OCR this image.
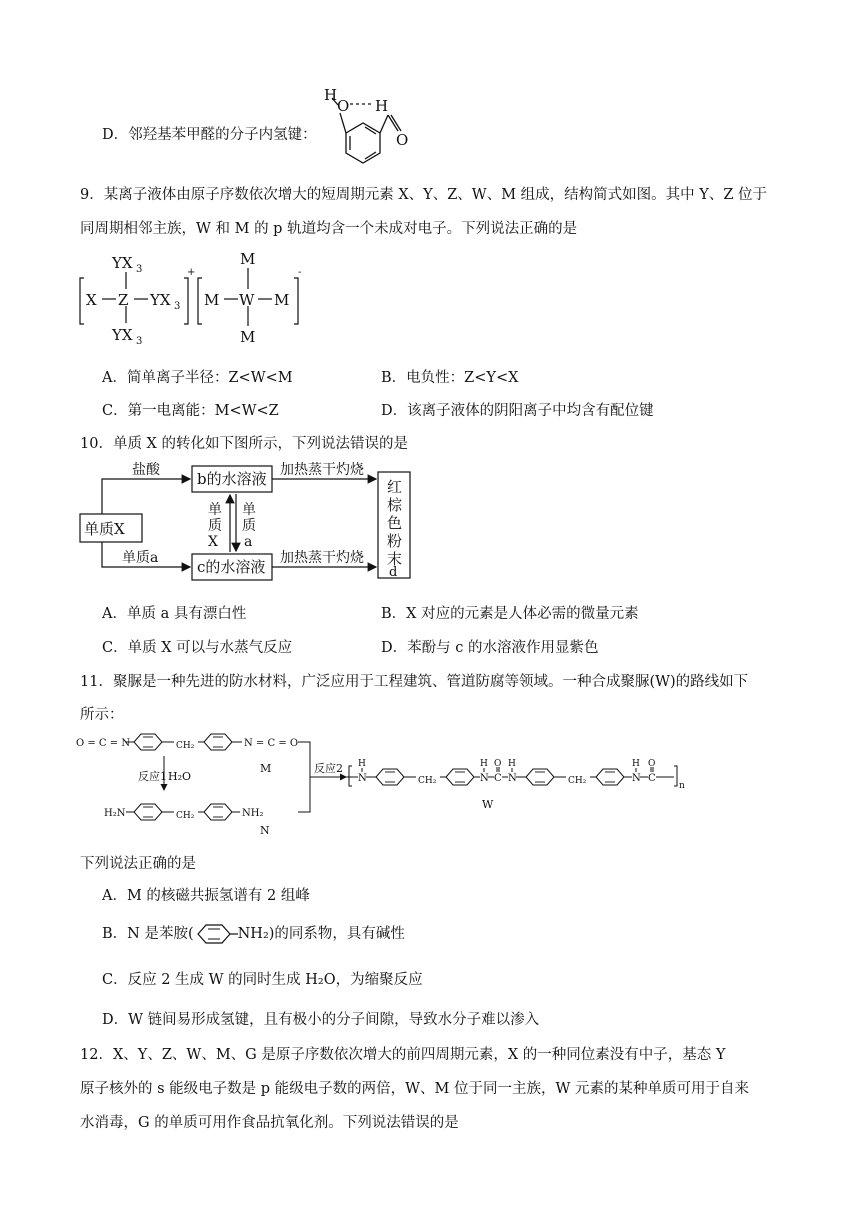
D．邻羟基苯甲醛的分子内氢键：
H
O H
O
9．某离子液体由原子序数依次增大的短周期元素 X、Y、Z、W、M 组成，结构简式如图。其中 Y、Z 位于
同周期相邻主族，W 和 M 的 p 轨道均含一个未成对电子。下列说法正确的是
YX 3
X Z YX 3
YX 3
+
M
M W M
M
-
A．简单离子半径：Z<W<M	B．电负性：Z<Y<X
C．第一电离能：M<W<Z	D．该离子液体的阴阳离子中均含有配位键
10．单质 X 的转化如下图所示，下列说法错误的是
单质X
盐酸
单质a
b的水溶液
c的水溶液
加热蒸干灼烧
加热蒸干灼烧
单
质
X
单
质
a
红
棕
色
粉
末
d
A．单质 a 具有漂白性	B．X 对应的元素是人体必需的微量元素
C．单质 X 可以与水蒸气反应	D．苯酚与 c 的水溶液作用显紫色
11．聚脲是一种先进的防水材料，广泛应用于工程建筑、管道防腐等领域。一种合成聚脲(W)的路线如下
所示：
O = C = N	CH₂	N = C = O
M
反应1 H₂O
H₂N	CH₂	NH₂
N
反应2 H
N	CH₂
H
N
O
C
H
N	CH₂
H
N
O
C
n
W
下列说法正确的是
A．M 的核磁共振氢谱有 2 组峰
B．N 是苯胺(	NH₂)的同系物，具有碱性
C．反应 2 生成 W 的同时生成 H₂O，为缩聚反应
D．W 链间易形成氢键，且有极小的分子间隙，导致水分子难以渗入
12．X、Y、Z、W、M、G 是原子序数依次增大的前四周期元素，X 的一种同位素没有中子，基态 Y
原子核外的 s 能级电子数是 p 能级电子数的两倍，W、M 位于同一主族，W 元素的某种单质可用于自来
水消毒，G 的单质可用作食品抗氧化剂。下列说法错误的是
